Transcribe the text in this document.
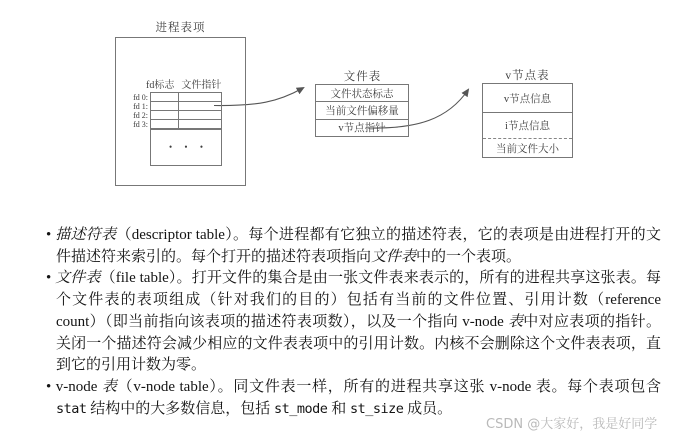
进程表项
fd标志 文件指针
fd 0:
fd 1:
fd 2:
fd 3:
• • •
文件表
文件状态标志
当前文件偏移量
v节点指针
v节点表
v节点信息
i节点信息
当前文件大小
• 描述符表（descriptor table）。每个进程都有它独立的描述符表，它的表项是由进程打开的文件描述符来索引的。每个打开的描述符表项指向文件表中的一个表项。
• 文件表（file table）。打开文件的集合是由一张文件表来表示的，所有的进程共享这张表。每个文件表的表项组成（针对我们的目的）包括有当前的文件位置、引用计数（reference count）（即当前指向该表项的描述符表项数），以及一个指向 v-node 表中对应表项的指针。关闭一个描述符会减少相应的文件表表项中的引用计数。内核不会删除这个文件表表项，直到它的引用计数为零。
• v-node 表（v-node table）。同文件表一样，所有的进程共享这张 v-node 表。每个表项包含 stat 结构中的大多数信息，包括 st_mode 和 st_size 成员。
CSDN @大家好，我是好同学
